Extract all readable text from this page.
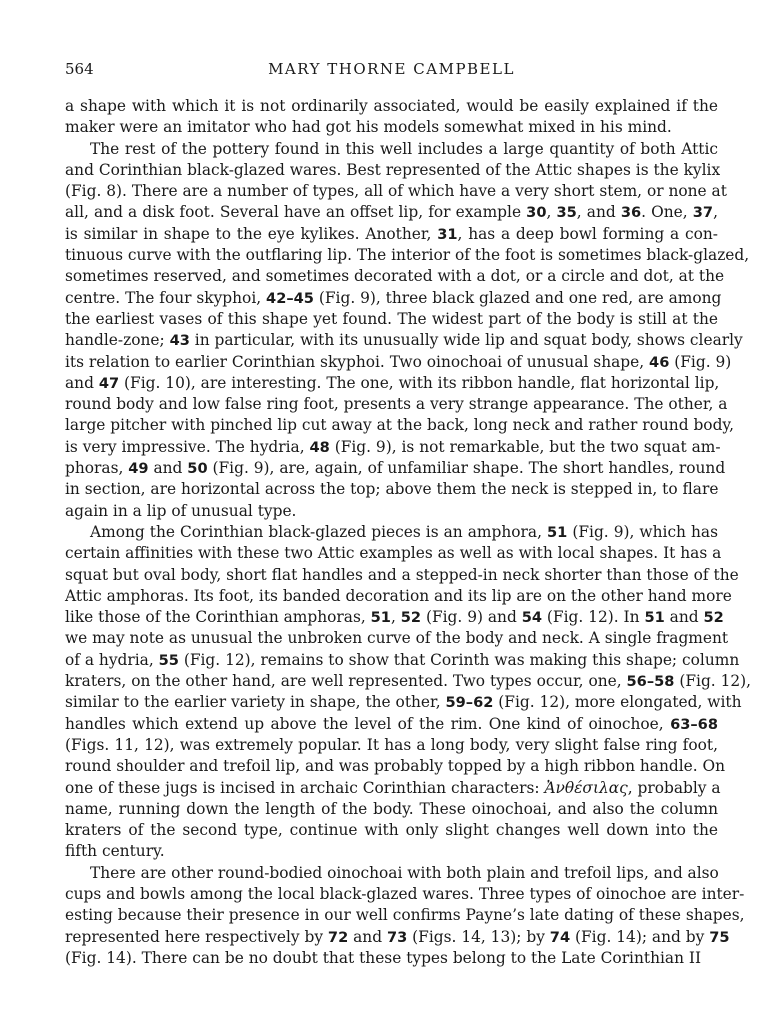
564	MARY THORNE CAMPBELL
a shape with which it is not ordinarily associated, would be easily explained if the
maker were an imitator who had got his models somewhat mixed in his mind.
The rest of the pottery found in this well includes a large quantity of both Attic
and Corinthian black-glazed wares. Best represented of the Attic shapes is the kylix
(Fig. 8). There are a number of types, all of which have a very short stem, or none at
all, and a disk foot. Several have an offset lip, for example 30, 35, and 36. One, 37,
is similar in shape to the eye kylikes. Another, 31, has a deep bowl forming a con-
tinuous curve with the outflaring lip. The interior of the foot is sometimes black-glazed,
sometimes reserved, and sometimes decorated with a dot, or a circle and dot, at the
centre. The four skyphoi, 42–45 (Fig. 9), three black glazed and one red, are among
the earliest vases of this shape yet found. The widest part of the body is still at the
handle-zone; 43 in particular, with its unusually wide lip and squat body, shows clearly
its relation to earlier Corinthian skyphoi. Two oinochoai of unusual shape, 46 (Fig. 9)
and 47 (Fig. 10), are interesting. The one, with its ribbon handle, flat horizontal lip,
round body and low false ring foot, presents a very strange appearance. The other, a
large pitcher with pinched lip cut away at the back, long neck and rather round body,
is very impressive. The hydria, 48 (Fig. 9), is not remarkable, but the two squat am-
phoras, 49 and 50 (Fig. 9), are, again, of unfamiliar shape. The short handles, round
in section, are horizontal across the top; above them the neck is stepped in, to flare
again in a lip of unusual type.
Among the Corinthian black-glazed pieces is an amphora, 51 (Fig. 9), which has
certain affinities with these two Attic examples as well as with local shapes. It has a
squat but oval body, short flat handles and a stepped-in neck shorter than those of the
Attic amphoras. Its foot, its banded decoration and its lip are on the other hand more
like those of the Corinthian amphoras, 51, 52 (Fig. 9) and 54 (Fig. 12). In 51 and 52
we may note as unusual the unbroken curve of the body and neck. A single fragment
of a hydria, 55 (Fig. 12), remains to show that Corinth was making this shape; column
kraters, on the other hand, are well represented. Two types occur, one, 56–58 (Fig. 12),
similar to the earlier variety in shape, the other, 59–62 (Fig. 12), more elongated, with
handles which extend up above the level of the rim. One kind of oinochoe, 63–68
(Figs. 11, 12), was extremely popular. It has a long body, very slight false ring foot,
round shoulder and trefoil lip, and was probably topped by a high ribbon handle. On
one of these jugs is incised in archaic Corinthian characters: Ἀνθέσιλας, probably a
name, running down the length of the body. These oinochoai, and also the column
kraters of the second type, continue with only slight changes well down into the
fifth century.
There are other round-bodied oinochoai with both plain and trefoil lips, and also
cups and bowls among the local black-glazed wares. Three types of oinochoe are inter-
esting because their presence in our well confirms Payne’s late dating of these shapes,
represented here respectively by 72 and 73 (Figs. 14, 13); by 74 (Fig. 14); and by 75
(Fig. 14). There can be no doubt that these types belong to the Late Corinthian II
